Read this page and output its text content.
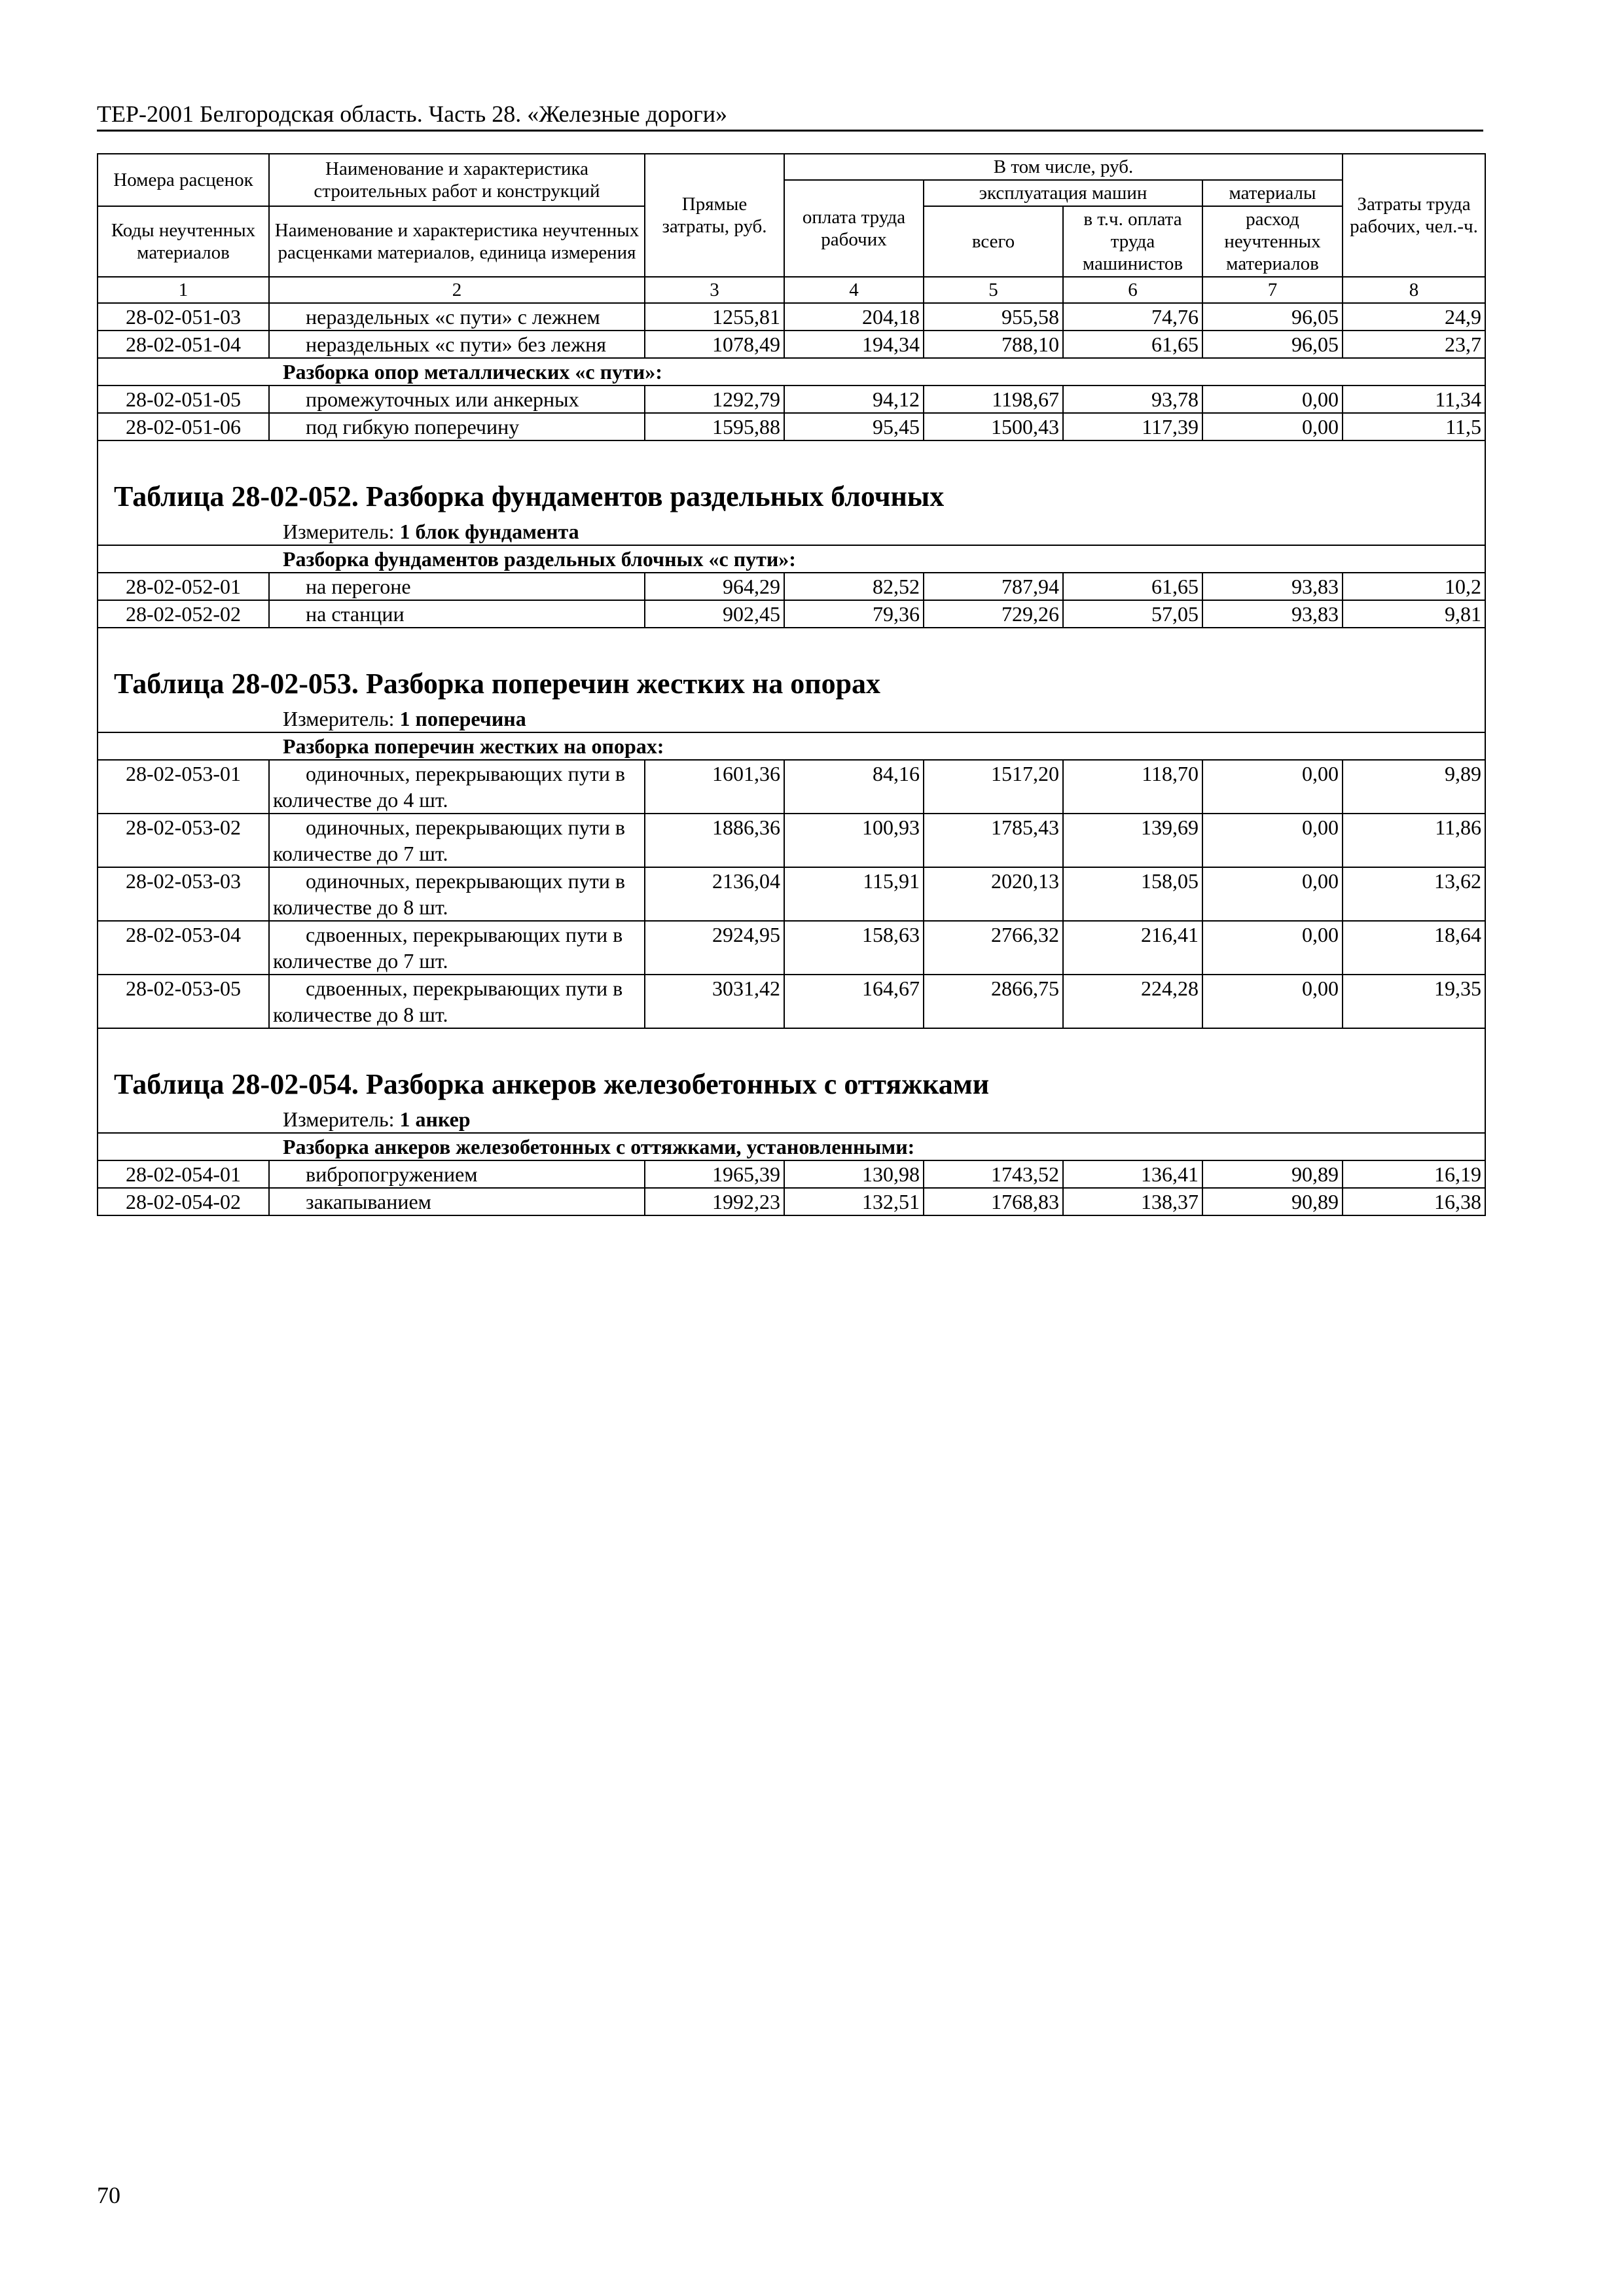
ТЕР-2001 Белгородская область. Часть 28. «Железные дороги»
Номера расценок	Наименование и характеристика строительных работ и конструкций	Прямые затраты, руб.	В том числе, руб.				Затраты труда рабочих, чел.-ч.
			оплата труда рабочих	эксплуатация машин		материалы	
Коды неучтенных материалов	Наименование и характеристика неучтенных расценками материалов, единица измерения			всего	в т.ч. оплата труда машинистов	расход неучтенных материалов	

1	2	3	4	5	6	7	8
28-02-051-03	нераздельных «с пути» с лежнем	1255,81	204,18	955,58	74,76	96,05	24,9
28-02-051-04	нераздельных «с пути» без лежня	1078,49	194,34	788,10	61,65	96,05	23,7
Разборка опор металлических «с пути»:							
28-02-051-05	промежуточных или анкерных	1292,79	94,12	1198,67	93,78	0,00	11,34
28-02-051-06	под гибкую поперечину	1595,88	95,45	1500,43	117,39	0,00	11,5
Таблица 28-02-052. Разборка фундаментов раздельных блочных							
Измеритель: 1 блок фундамента							
Разборка фундаментов раздельных блочных «с пути»:							
28-02-052-01	на перегоне	964,29	82,52	787,94	61,65	93,83	10,2
28-02-052-02	на станции	902,45	79,36	729,26	57,05	93,83	9,81
Таблица 28-02-053. Разборка поперечин жестких на опорах							
Измеритель: 1 поперечина							
Разборка поперечин жестких на опорах:							
28-02-053-01	одиночных, перекрывающих пути в количестве до 4 шт.	1601,36	84,16	1517,20	118,70	0,00	9,89
28-02-053-02	одиночных, перекрывающих пути в количестве до 7 шт.	1886,36	100,93	1785,43	139,69	0,00	11,86
28-02-053-03	одиночных, перекрывающих пути в количестве до 8 шт.	2136,04	115,91	2020,13	158,05	0,00	13,62
28-02-053-04	сдвоенных, перекрывающих пути в количестве до 7 шт.	2924,95	158,63	2766,32	216,41	0,00	18,64
28-02-053-05	сдвоенных, перекрывающих пути в количестве до 8 шт.	3031,42	164,67	2866,75	224,28	0,00	19,35
Таблица 28-02-054. Разборка анкеров железобетонных с оттяжками							
Измеритель: 1 анкер							
Разборка анкеров железобетонных с оттяжками, установленными:							
28-02-054-01	вибропогружением	1965,39	130,98	1743,52	136,41	90,89	16,19
28-02-054-02	закапыванием	1992,23	132,51	1768,83	138,37	90,89	16,38
70
